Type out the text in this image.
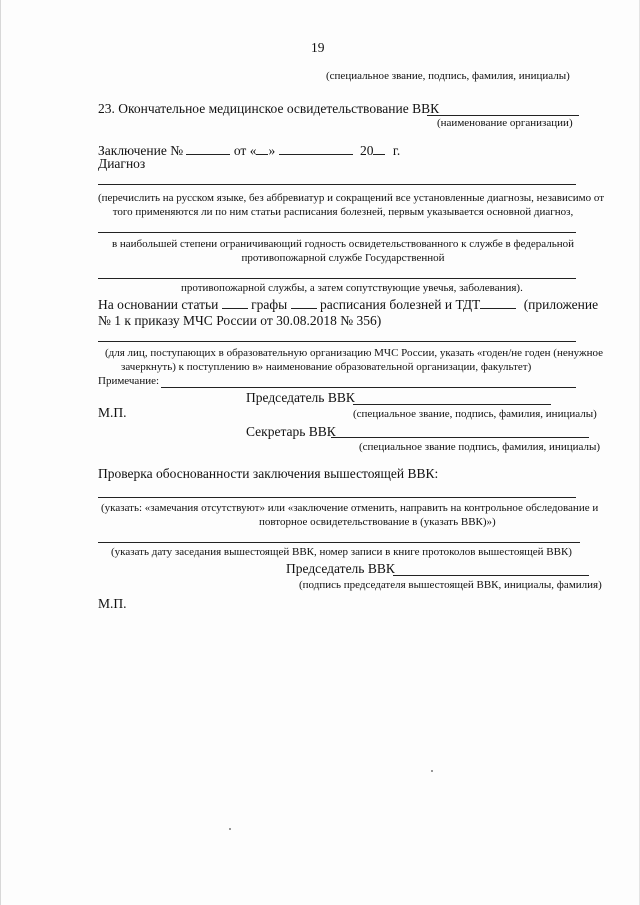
19
(специальное звание, подпись, фамилия, инициалы)
23. Окончательное медицинское освидетельствование ВВК
(наименование организации)
Заключение №	от « »	20 г.
Диагноз
(перечислить на русском языке, без аббревиатур и сокращений все установленные диагнозы, независимо от
того применяются ли по ним статьи расписания болезней, первым указывается основной диагноз,
в наибольшей степени ограничивающий годность освидетельствованного к службе в федеральной
противопожарной службе Государственной
противопожарной службы, а затем сопутствующие увечья, заболевания).
На основании статьи графы расписания болезней и ТДТ	(приложение
№ 1 к приказу МЧС России от 30.08.2018 № 356)
(для лиц, поступающих в образовательную организацию МЧС России, указать «годен/не годен (ненужное
зачеркнуть) к поступлению в» наименование образовательной организации, факультет)
Примечание:
Председатель ВВК
М.П.	(специальное звание, подпись, фамилия, инициалы)
Секретарь ВВК
(специальное звание подпись, фамилия, инициалы)
Проверка обоснованности заключения вышестоящей ВВК:
(указать: «замечания отсутствуют» или «заключение отменить, направить на контрольное обследование и
повторное освидетельствование в (указать ВВК)»)
(указать дату заседания вышестоящей ВВК, номер записи в книге протоколов вышестоящей ВВК)
Председатель ВВК
(подпись председателя вышестоящей ВВК, инициалы, фамилия)
М.П.
